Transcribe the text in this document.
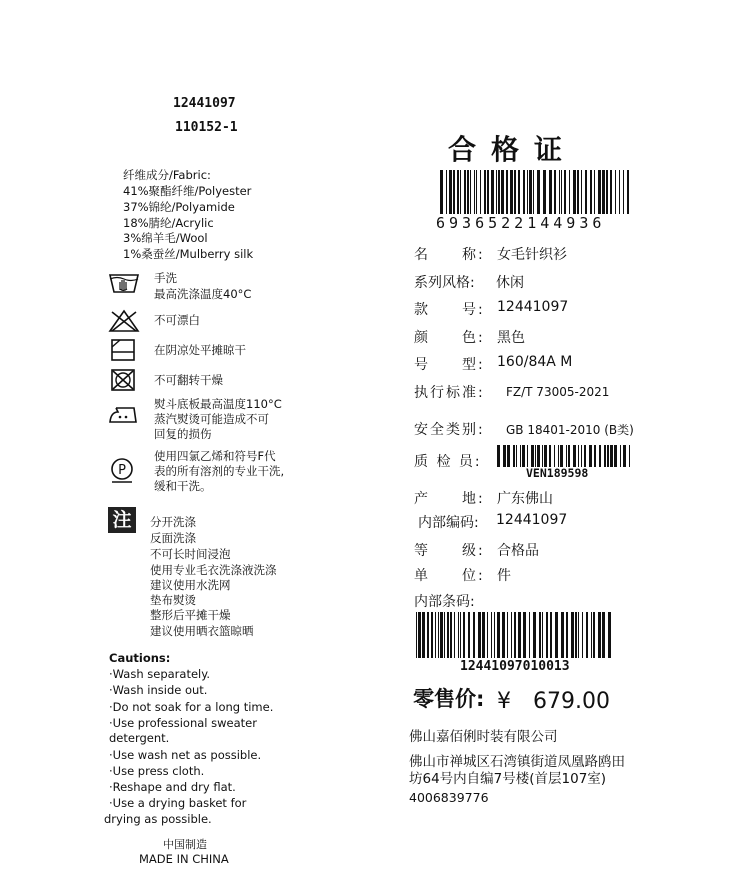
12441097
110152-1
纤维成分/Fabric:
41%聚酯纤维/Polyester
37%锦纶/Polyamide
18%腈纶/Acrylic
3%绵羊毛/Wool
1%桑蚕丝/Mulberry silk
手洗
最高洗涤温度40°C
不可漂白
在阴凉处平摊晾干
不可翻转干燥
熨斗底板最高温度110°C
蒸汽熨烫可能造成不可
回复的损伤
P
使用四氯乙烯和符号F代
表的所有溶剂的专业干洗,
缓和干洗。
注	分开洗涤
反面洗涤
不可长时间浸泡
使用专业毛衣洗涤液洗涤
建议使用水洗网
垫布熨烫
整形后平摊干燥
建议使用晒衣篮晾晒
Cautions:
·Wash separately.
·Wash inside out.
·Do not soak for a long time.
·Use professional sweater
detergent.
·Use wash net as possible.
·Use press cloth.
·Reshape and dry flat.
·Use a drying basket for
drying as possible.
中国制造
MADE IN CHINA
合格证
6936522144936
名　　称: 女毛针织衫
系列风格: 休闲
款　　号: 12441097
颜　　色: 黑色
号　　型: 160/84A M
执行标准: FZ/T 73005-2021
安全类别: GB 18401-2010 (B类)
质 检 员:
VEN189598
产　　地: 广东佛山
内部编码: 12441097
等　　级: 合格品
单　　位: 件
内部条码:
12441097010013
零售价: ¥　679.00
佛山嘉佰俐时装有限公司
佛山市禅城区石湾镇街道凤凰路鸥田
坊64号内自编7号楼(首层107室)
4006839776
